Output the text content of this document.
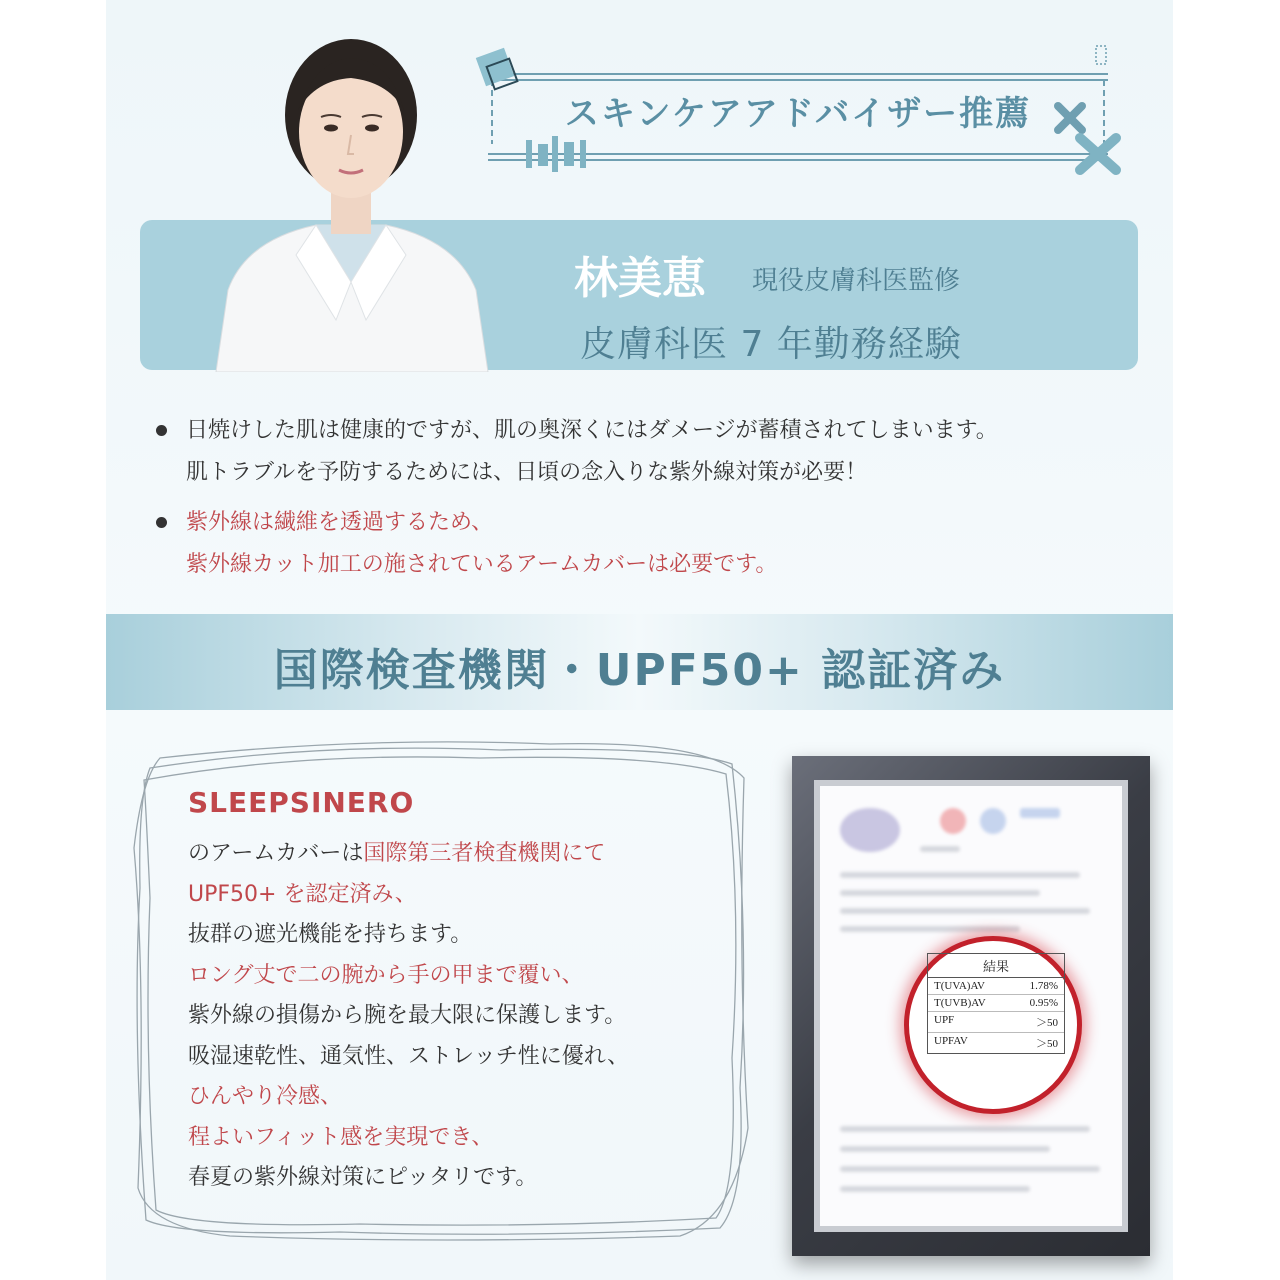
スキンケアアドバイザー推薦
林美恵 現役皮膚科医監修
皮膚科医 7 年勤務経験
日焼けした肌は健康的ですが、肌の奥深くにはダメージが蓄積されてしまいます。
肌トラブルを予防するためには、日頃の念入りな紫外線対策が必要！
紫外線は繊維を透過するため、
紫外線カット加工の施されているアームカバーは必要です。
国際検査機関・UPF50+ 認証済み
SLEEPSINERO
のアームカバーは国際第三者検査機関にて
UPF50+ を認定済み、
抜群の遮光機能を持ちます。
ロング丈で二の腕から手の甲まで覆い、
紫外線の損傷から腕を最大限に保護します。
吸湿速乾性、通気性、ストレッチ性に優れ、
ひんやり冷感、
程よいフィット感を実現でき、
春夏の紫外線対策にピッタリです。
結果
T(UVA)AV	1.78%
T(UVB)AV	0.95%
UPF	＞50
UPFAV	＞50
